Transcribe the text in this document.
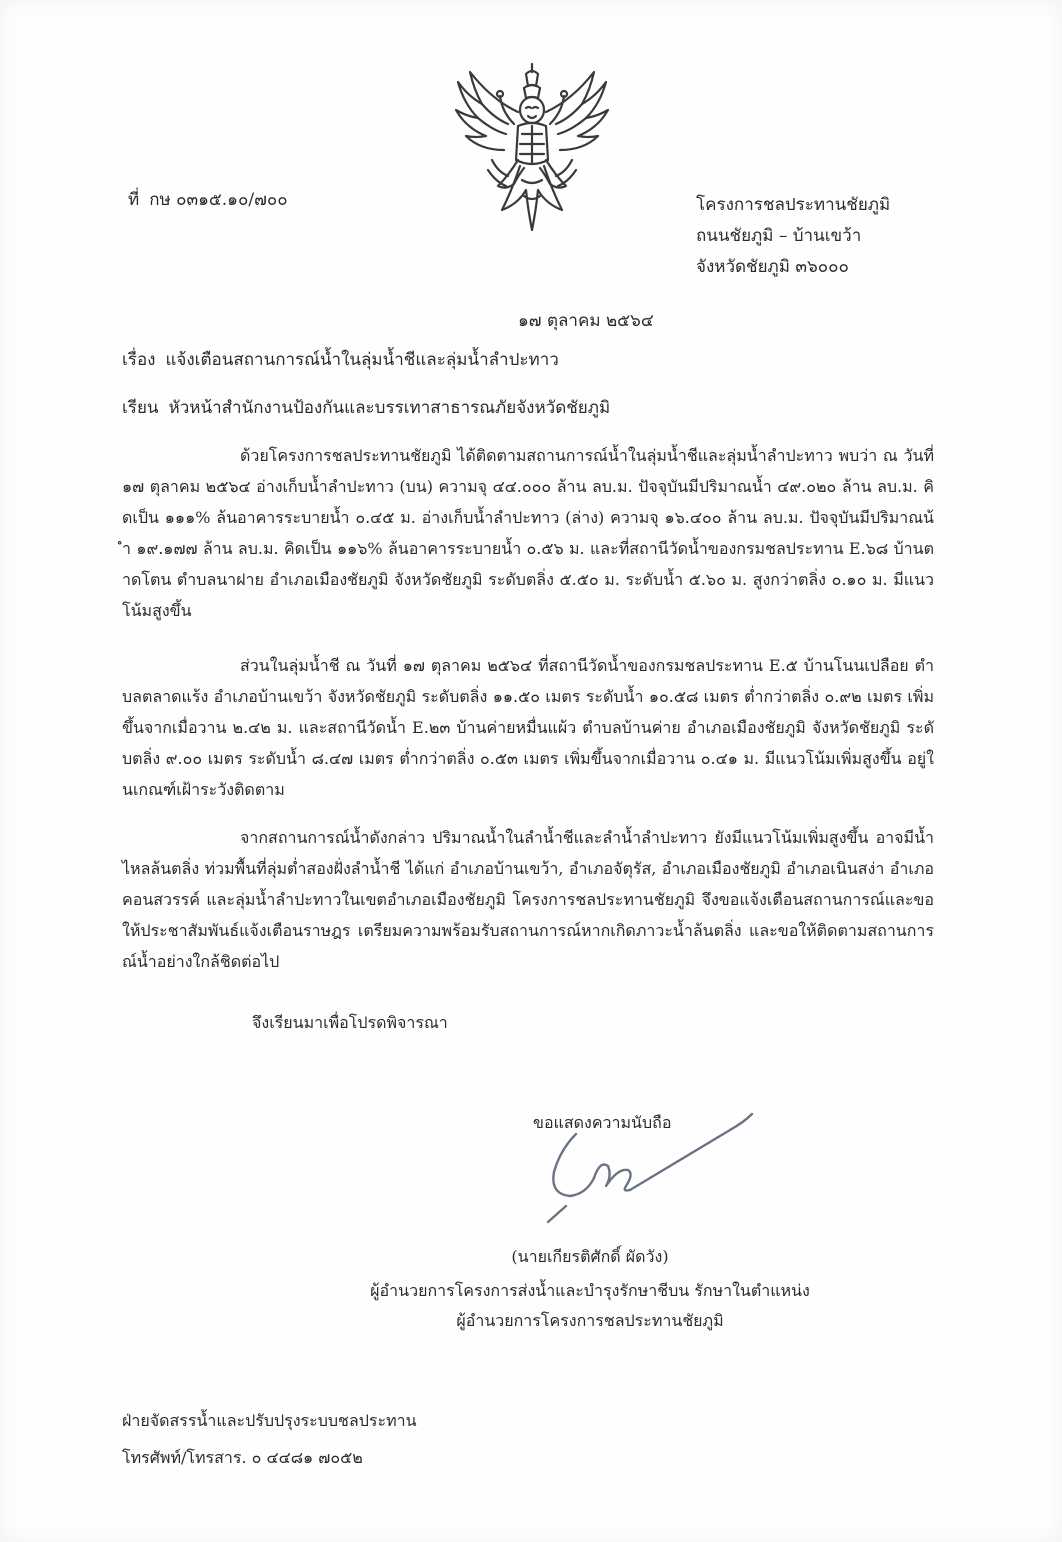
ที่ กษ ๐๓๑๕.๑๐/๗๐๐	โครงการชลประทานชัยภูมิ
ถนนชัยภูมิ – บ้านเขว้า
จังหวัดชัยภูมิ ๓๖๐๐๐
๑๗ ตุลาคม ๒๕๖๔
เรื่อง แจ้งเตือนสถานการณ์น้ำในลุ่มน้ำชีและลุ่มน้ำลำปะทาว
เรียน หัวหน้าสำนักงานป้องกันและบรรเทาสาธารณภัยจังหวัดชัยภูมิ
ด้วยโครงการชลประทานชัยภูมิ ได้ติดตามสถานการณ์น้ำในลุ่มน้ำชีและลุ่มน้ำลำปะทาว พบว่า ณ วันที่ ๑๗ ตุลาคม ๒๕๖๔ อ่างเก็บน้ำลำปะทาว (บน) ความจุ ๔๔.๐๐๐ ล้าน ลบ.ม. ปัจจุบันมีปริมาณน้ำ ๔๙.๐๒๐ ล้าน ลบ.ม. คิดเป็น ๑๑๑% ล้นอาคารระบายน้ำ ๐.๔๕ ม. อ่างเก็บน้ำลำปะทาว (ล่าง) ความจุ ๑๖.๔๐๐ ล้าน ลบ.ม. ปัจจุบันมีปริมาณน้ำ ๑๙.๑๗๗ ล้าน ลบ.ม. คิดเป็น ๑๑๖% ล้นอาคารระบายน้ำ ๐.๕๖ ม. และที่สถานีวัดน้ำของกรมชลประทาน E.๖๘ บ้านตาดโตน ตำบลนาฝาย อำเภอเมืองชัยภูมิ จังหวัดชัยภูมิ ระดับตลิ่ง ๕.๕๐ ม. ระดับน้ำ ๕.๖๐ ม. สูงกว่าตลิ่ง ๐.๑๐ ม. มีแนวโน้มสูงขึ้น
ส่วนในลุ่มน้ำชี ณ วันที่ ๑๗ ตุลาคม ๒๕๖๔ ที่สถานีวัดน้ำของกรมชลประทาน E.๕ บ้านโนนเปลือย ตำบลตลาดแร้ง อำเภอบ้านเขว้า จังหวัดชัยภูมิ ระดับตลิ่ง ๑๑.๕๐ เมตร ระดับน้ำ ๑๐.๕๘ เมตร ต่ำกว่าตลิ่ง ๐.๙๒ เมตร เพิ่มขึ้นจากเมื่อวาน ๒.๔๒ ม. และสถานีวัดน้ำ E.๒๓ บ้านค่ายหมื่นแผ้ว ตำบลบ้านค่าย อำเภอเมืองชัยภูมิ จังหวัดชัยภูมิ ระดับตลิ่ง ๙.๐๐ เมตร ระดับน้ำ ๘.๔๗ เมตร ต่ำกว่าตลิ่ง ๐.๕๓ เมตร เพิ่มขึ้นจากเมื่อวาน ๐.๔๑ ม. มีแนวโน้มเพิ่มสูงขึ้น อยู่ในเกณฑ์เฝ้าระวังติดตาม
จากสถานการณ์น้ำดังกล่าว ปริมาณน้ำในลำน้ำชีและลำน้ำลำปะทาว ยังมีแนวโน้มเพิ่มสูงขึ้น อาจมีน้ำไหลล้นตลิ่ง ท่วมพื้นที่ลุ่มต่ำสองฝั่งลำน้ำชี ได้แก่ อำเภอบ้านเขว้า, อำเภอจัตุรัส, อำเภอเมืองชัยภูมิ อำเภอเนินสง่า อำเภอคอนสวรรค์ และลุ่มน้ำลำปะทาวในเขตอำเภอเมืองชัยภูมิ โครงการชลประทานชัยภูมิ จึงขอแจ้งเตือนสถานการณ์และขอให้ประชาสัมพันธ์แจ้งเตือนราษฎร เตรียมความพร้อมรับสถานการณ์หากเกิดภาวะน้ำล้นตลิ่ง และขอให้ติดตามสถานการณ์น้ำอย่างใกล้ชิดต่อไป
จึงเรียนมาเพื่อโปรดพิจารณา
ขอแสดงความนับถือ
(นายเกียรติศักดิ์ ผัดวัง)
ผู้อำนวยการโครงการส่งน้ำและบำรุงรักษาชีบน รักษาในตำแหน่ง
ผู้อำนวยการโครงการชลประทานชัยภูมิ
ฝ่ายจัดสรรน้ำและปรับปรุงระบบชลประทาน
โทรศัพท์/โทรสาร. ๐ ๔๔๘๑ ๗๐๕๒
